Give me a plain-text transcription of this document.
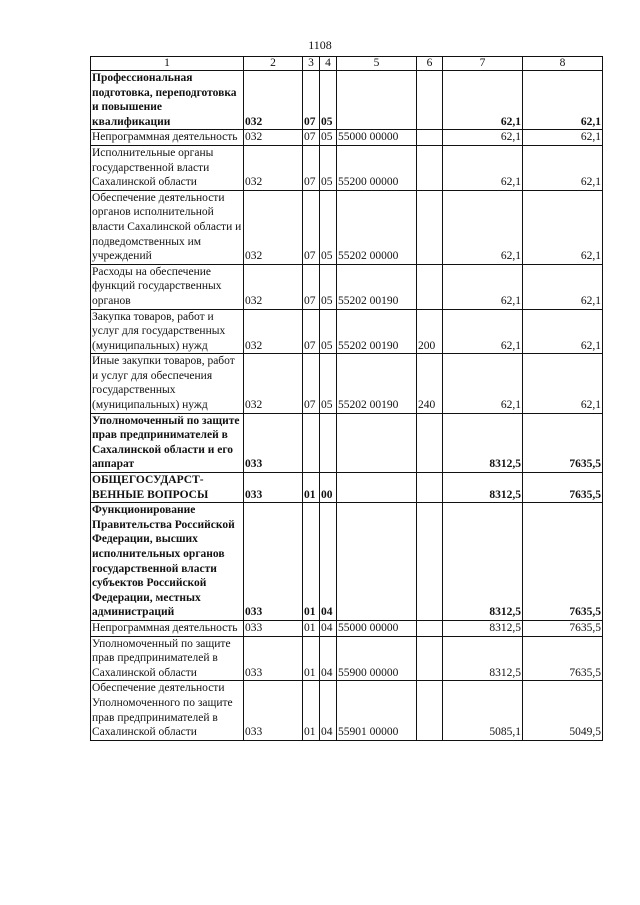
1108
1	2	3	4	5	6	7	8
Профессиональная подготовка, переподготовка и повышение квалификации	032	07	05			62,1	62,1
Непрограммная деятельность	032	07	05	55000 00000		62,1	62,1
Исполнительные органы государственной власти Сахалинской области	032	07	05	55200 00000		62,1	62,1
Обеспечение деятельности органов исполнительной власти Сахалинской области и подведомственных им учреждений	032	07	05	55202 00000		62,1	62,1
Расходы на обеспечение функций государственных органов	032	07	05	55202 00190		62,1	62,1
Закупка товаров, работ и услуг для государственных (муниципальных) нужд	032	07	05	55202 00190	200	62,1	62,1
Иные закупки товаров, работ и услуг для обеспечения государственных (муниципальных) нужд	032	07	05	55202 00190	240	62,1	62,1
Уполномоченный по защите прав предпринимателей в Сахалинской области и его аппарат	033					8312,5	7635,5
ОБЩЕГОСУДАРСТ-ВЕННЫЕ ВОПРОСЫ	033	01	00			8312,5	7635,5
Функционирование Правительства Российской Федерации, высших исполнительных органов государственной власти субъектов Российской Федерации, местных администраций	033	01	04			8312,5	7635,5
Непрограммная деятельность	033	01	04	55000 00000		8312,5	7635,5
Уполномоченный по защите прав предпринимателей в Сахалинской области	033	01	04	55900 00000		8312,5	7635,5
Обеспечение деятельности Уполномоченного по защите прав предпринимателей в Сахалинской области	033	01	04	55901 00000		5085,1	5049,5
